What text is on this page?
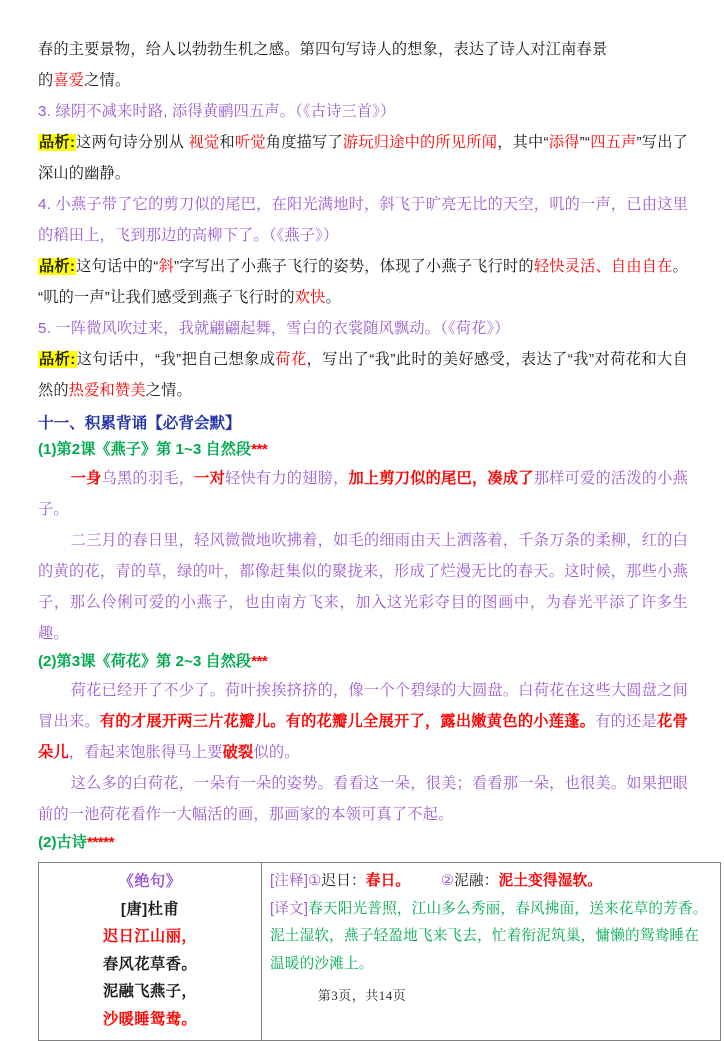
春的主要景物，给人以勃勃生机之感。第四句写诗人的想象，表达了诗人对江南春景
的喜爱之情。
3. 绿阴不减来时路, 添得黄鹂四五声。（《古诗三首》）
品析:这两句诗分别从 视觉和听觉角度描写了游玩归途中的所见所闻，其中“添得”“四五声”写出了深山的幽静。
4. 小燕子带了它的剪刀似的尾巴，在阳光满地时，斜飞于旷亮无比的天空，叽的一声，已由这里的稻田上，飞到那边的高柳下了。（《燕子》）
品析:这句话中的“斜”字写出了小燕子飞行的姿势，体现了小燕子飞行时的轻快灵活、自由自在。“叽的一声”让我们感受到燕子飞行时的欢快。
5. 一阵微风吹过来，我就翩翩起舞，雪白的衣裳随风飘动。（《荷花》）
品析:这句话中，“我”把自己想象成荷花，写出了“我”此时的美好感受，表达了“我”对荷花和大自然的热爱和赞美之情。
十一、积累背诵【必背会默】
(1)第2课《燕子》第 1~3 自然段***
一身乌黑的羽毛，一对轻快有力的翅膀，加上剪刀似的尾巴，凑成了那样可爱的活泼的小燕子。
二三月的春日里，轻风微微地吹拂着，如毛的细雨由天上洒落着，千条万条的柔柳，红的白的黄的花，青的草，绿的叶，都像赶集似的聚拢来，形成了烂漫无比的春天。这时候，那些小燕子，那么伶俐可爱的小燕子，也由南方飞来，加入这光彩夺目的图画中，为春光平添了许多生趣。
(2)第3课《荷花》第 2~3 自然段***
荷花已经开了不少了。荷叶挨挨挤挤的，像一个个碧绿的大圆盘。白荷花在这些大圆盘之间冒出来。有的才展开两三片花瓣儿。有的花瓣儿全展开了，露出嫩黄色的小莲蓬。有的还是花骨朵儿，看起来饱胀得马上要破裂似的。
这么多的白荷花，一朵有一朵的姿势。看看这一朵，很美；看看那一朵，也很美。如果把眼前的一池荷花看作一大幅活的画，那画家的本领可真了不起。
(2)古诗*****
《绝句》
[唐]杜甫
迟日江山丽，
春风花草香。
泥融飞燕子，
沙暖睡鸳鸯。

[注释]①迟日：春日。 ②泥融：泥土变得湿软。
[译文]春天阳光普照，江山多么秀丽，春风拂面，送来花草的芳香。泥土湿软，燕子轻盈地飞来飞去，忙着衔泥筑巢，慵懒的鸳鸯睡在温暖的沙滩上。
第3页，共14页
